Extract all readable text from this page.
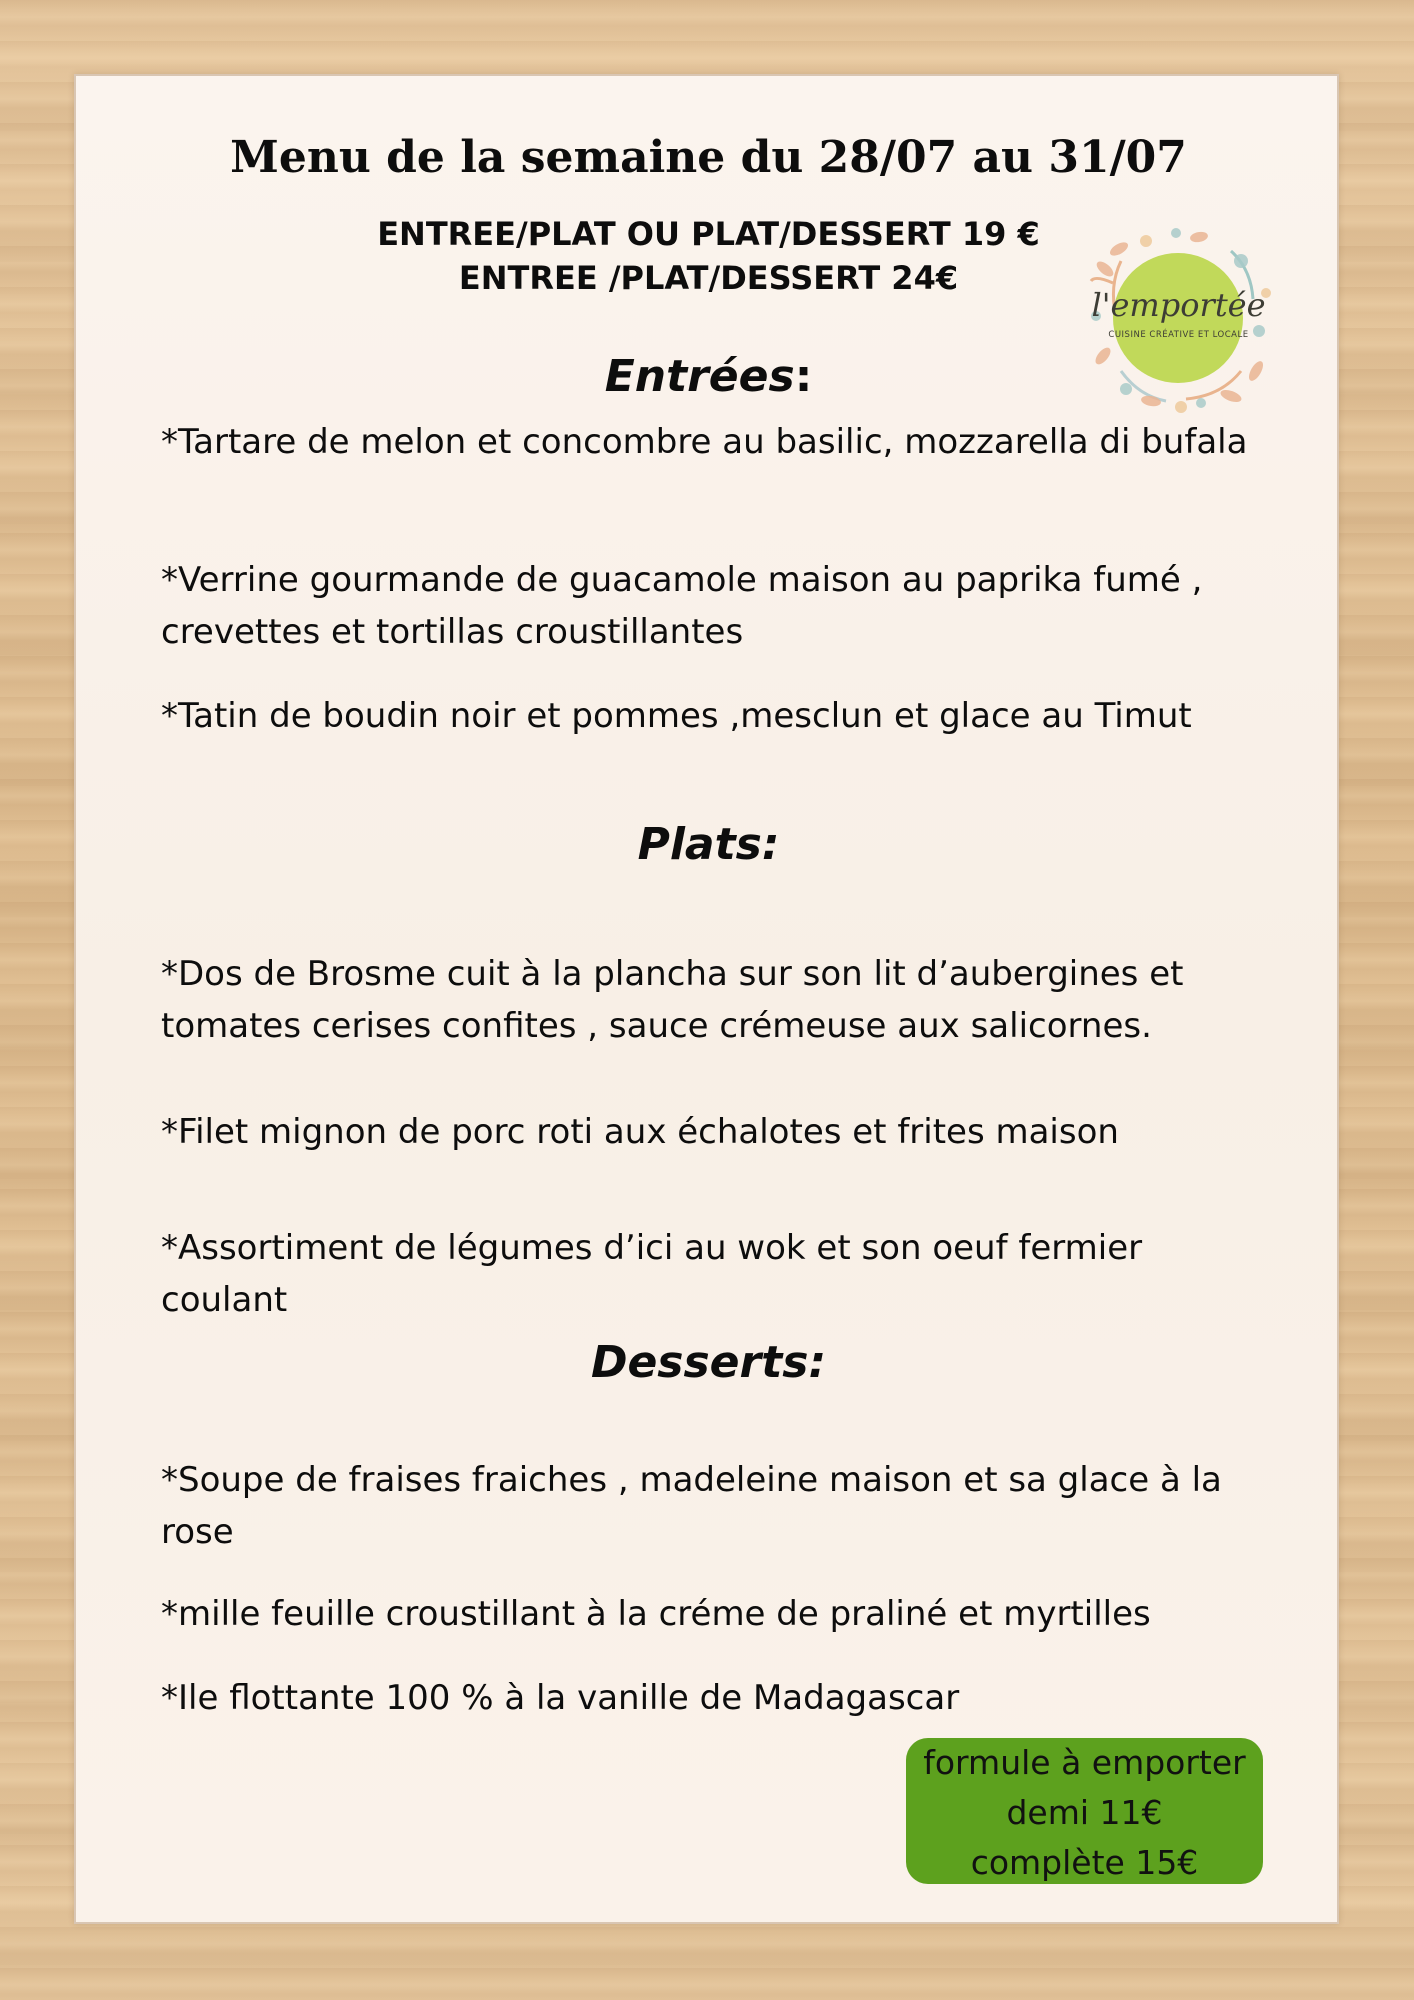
Menu de la semaine du 28/07 au 31/07
ENTREE/PLAT OU PLAT/DESSERT 19 €
ENTREE /PLAT/DESSERT 24€
l'emportée
CUISINE CRÉATIVE ET LOCALE
Entrées:

*Tartare de melon et concombre au basilic, mozzarella di bufala

*Verrine gourmande de guacamole maison au paprika fumé , crevettes et tortillas croustillantes

*Tatin de boudin noir et pommes ,mesclun et glace au Timut

Plats:

*Dos de Brosme cuit à la plancha sur son lit d’aubergines et tomates cerises confites , sauce crémeuse aux salicornes.

*Filet mignon de porc roti aux échalotes et frites maison

*Assortiment de légumes d’ici au wok et son oeuf fermier coulant

Desserts:

*Soupe de fraises fraiches , madeleine maison et sa glace à la rose

*mille feuille croustillant à la créme de praliné et myrtilles

*Ile flottante 100 % à la vanille de Madagascar

formule à emporter
demi 11€
complète 15€
